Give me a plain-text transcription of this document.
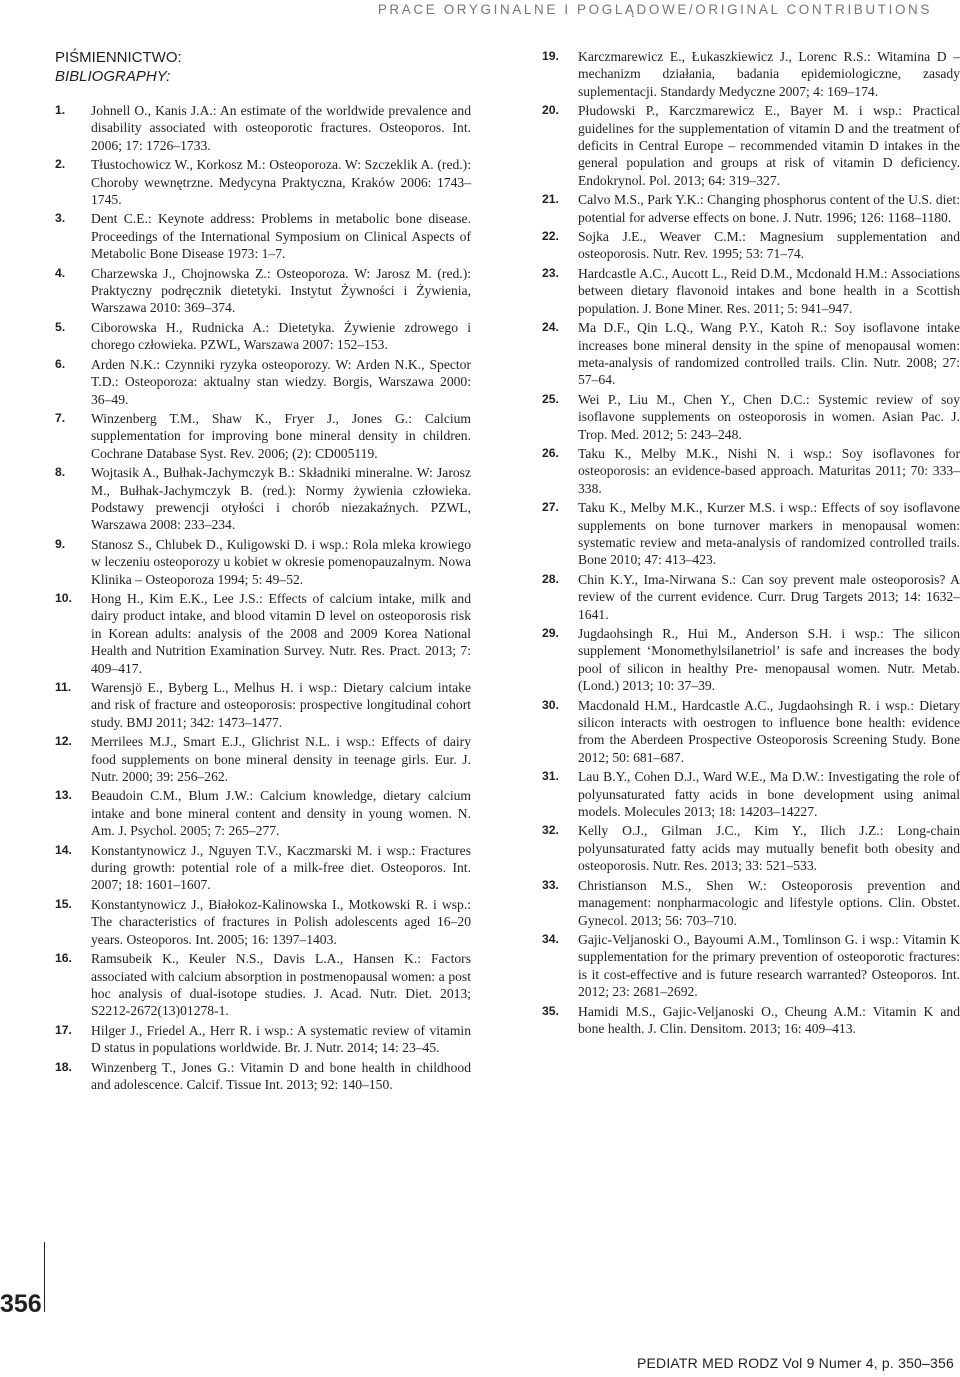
PRACE ORYGINALNE I POGLĄDOWE/ORIGINAL CONTRIBUTIONS
PIŚMIENNICTWO:
BIBLIOGRAPHY:
1.	Johnell O., Kanis J.A.: An estimate of the worldwide prevalence and disability associated with osteoporotic fractures. Osteoporos. Int. 2006; 17: 1726–1733.
2.	Tłustochowicz W., Korkosz M.: Osteoporoza. W: Szczeklik A. (red.): Choroby wewnętrzne. Medycyna Praktyczna, Kraków 2006: 1743–1745.
3.	Dent C.E.: Keynote address: Problems in metabolic bone disease. Proceedings of the International Symposium on Clinical Aspects of Metabolic Bone Disease 1973: 1–7.
4.	Charzewska J., Chojnowska Z.: Osteoporoza. W: Jarosz M. (red.): Praktyczny podręcznik dietetyki. Instytut Żywności i Żywienia, Warszawa 2010: 369–374.
5.	Ciborowska H., Rudnicka A.: Dietetyka. Żywienie zdrowego i chorego człowieka. PZWL, Warszawa 2007: 152–153.
6.	Arden N.K.: Czynniki ryzyka osteoporozy. W: Arden N.K., Spector T.D.: Osteoporoza: aktualny stan wiedzy. Borgis, Warszawa 2000: 36–49.
7.	Winzenberg T.M., Shaw K., Fryer J., Jones G.: Calcium supplementation for improving bone mineral density in children. Cochrane Database Syst. Rev. 2006; (2): CD005119.
8.	Wojtasik A., Bułhak-Jachymczyk B.: Składniki mineralne. W: Jarosz M., Bułhak-Jachymczyk B. (red.): Normy żywienia człowieka. Podstawy prewencji otyłości i chorób niezakaźnych. PZWL, Warszawa 2008: 233–234.
9.	Stanosz S., Chlubek D., Kuligowski D. i wsp.: Rola mleka krowiego w leczeniu osteoporozy u kobiet w okresie pomenopauzalnym. Nowa Klinika – Osteoporoza 1994; 5: 49–52.
10.	Hong H., Kim E.K., Lee J.S.: Effects of calcium intake, milk and dairy product intake, and blood vitamin D level on osteoporosis risk in Korean adults: analysis of the 2008 and 2009 Korea National Health and Nutrition Examination Survey. Nutr. Res. Pract. 2013; 7: 409–417.
11.	Warensjö E., Byberg L., Melhus H. i wsp.: Dietary calcium intake and risk of fracture and osteoporosis: prospective longitudinal cohort study. BMJ 2011; 342: 1473–1477.
12.	Merrilees M.J., Smart E.J., Glichrist N.L. i wsp.: Effects of dairy food supplements on bone mineral density in teenage girls. Eur. J. Nutr. 2000; 39: 256–262.
13.	Beaudoin C.M., Blum J.W.: Calcium knowledge, dietary calcium intake and bone mineral content and density in young women. N. Am. J. Psychol. 2005; 7: 265–277.
14.	Konstantynowicz J., Nguyen T.V., Kaczmarski M. i wsp.: Fractures during growth: potential role of a milk-free diet. Osteoporos. Int. 2007; 18: 1601–1607.
15.	Konstantynowicz J., Białokoz-Kalinowska I., Motkowski R. i wsp.: The characteristics of fractures in Polish adolescents aged 16–20 years. Osteoporos. Int. 2005; 16: 1397–1403.
16.	Ramsubeik K., Keuler N.S., Davis L.A., Hansen K.: Factors associated with calcium absorption in postmenopausal women: a post hoc analysis of dual-isotope studies. J. Acad. Nutr. Diet. 2013; S2212-2672(13)01278-1.
17.	Hilger J., Friedel A., Herr R. i wsp.: A systematic review of vitamin D status in populations worldwide. Br. J. Nutr. 2014; 14: 23–45.
18.	Winzenberg T., Jones G.: Vitamin D and bone health in childhood and adolescence. Calcif. Tissue Int. 2013; 92: 140–150.
19.	Karczmarewicz E., Łukaszkiewicz J., Lorenc R.S.: Witamina D – mechanizm działania, badania epidemiologiczne, zasady suplementacji. Standardy Medyczne 2007; 4: 169–174.
20.	Płudowski P., Karczmarewicz E., Bayer M. i wsp.: Practical guidelines for the supplementation of vitamin D and the treatment of deficits in Central Europe – recommended vitamin D intakes in the general population and groups at risk of vitamin D deficiency. Endokrynol. Pol. 2013; 64: 319–327.
21.	Calvo M.S., Park Y.K.: Changing phosphorus content of the U.S. diet: potential for adverse effects on bone. J. Nutr. 1996; 126: 1168–1180.
22.	Sojka J.E., Weaver C.M.: Magnesium supplementation and osteoporosis. Nutr. Rev. 1995; 53: 71–74.
23.	Hardcastle A.C., Aucott L., Reid D.M., Mcdonald H.M.: Associations between dietary flavonoid intakes and bone health in a Scottish population. J. Bone Miner. Res. 2011; 5: 941–947.
24.	Ma D.F., Qin L.Q., Wang P.Y., Katoh R.: Soy isoflavone intake increases bone mineral density in the spine of menopausal women: meta-analysis of randomized controlled trails. Clin. Nutr. 2008; 27: 57–64.
25.	Wei P., Liu M., Chen Y., Chen D.C.: Systemic review of soy isoflavone supplements on osteoporosis in women. Asian Pac. J. Trop. Med. 2012; 5: 243–248.
26.	Taku K., Melby M.K., Nishi N. i wsp.: Soy isoflavones for osteoporosis: an evidence-based approach. Maturitas 2011; 70: 333–338.
27.	Taku K., Melby M.K., Kurzer M.S. i wsp.: Effects of soy isoflavone supplements on bone turnover markers in menopausal women: systematic review and meta-analysis of randomized controlled trails. Bone 2010; 47: 413–423.
28.	Chin K.Y., Ima-Nirwana S.: Can soy prevent male osteoporosis? A review of the current evidence. Curr. Drug Targets 2013; 14: 1632–1641.
29.	Jugdaohsingh R., Hui M., Anderson S.H. i wsp.: The silicon supplement ‘Monomethylsilanetriol’ is safe and increases the body pool of silicon in healthy Pre- menopausal women. Nutr. Metab. (Lond.) 2013; 10: 37–39.
30.	Macdonald H.M., Hardcastle A.C., Jugdaohsingh R. i wsp.: Dietary silicon interacts with oestrogen to influence bone health: evidence from the Aberdeen Prospective Osteoporosis Screening Study. Bone 2012; 50: 681–687.
31.	Lau B.Y., Cohen D.J., Ward W.E., Ma D.W.: Investigating the role of polyunsaturated fatty acids in bone development using animal models. Molecules 2013; 18: 14203–14227.
32.	Kelly O.J., Gilman J.C., Kim Y., Ilich J.Z.: Long-chain polyunsaturated fatty acids may mutually benefit both obesity and osteoporosis. Nutr. Res. 2013; 33: 521–533.
33.	Christianson M.S., Shen W.: Osteoporosis prevention and management: nonpharmacologic and lifestyle options. Clin. Obstet. Gynecol. 2013; 56: 703–710.
34.	Gajic-Veljanoski O., Bayoumi A.M., Tomlinson G. i wsp.: Vitamin K supplementation for the primary prevention of osteoporotic fractures: is it cost-effective and is future research warranted? Osteoporos. Int. 2012; 23: 2681–2692.
35.	Hamidi M.S., Gajic-Veljanoski O., Cheung A.M.: Vitamin K and bone health. J. Clin. Densitom. 2013; 16: 409–413.
356
PEDIATR MED RODZ Vol 9 Numer 4, p. 350–356
